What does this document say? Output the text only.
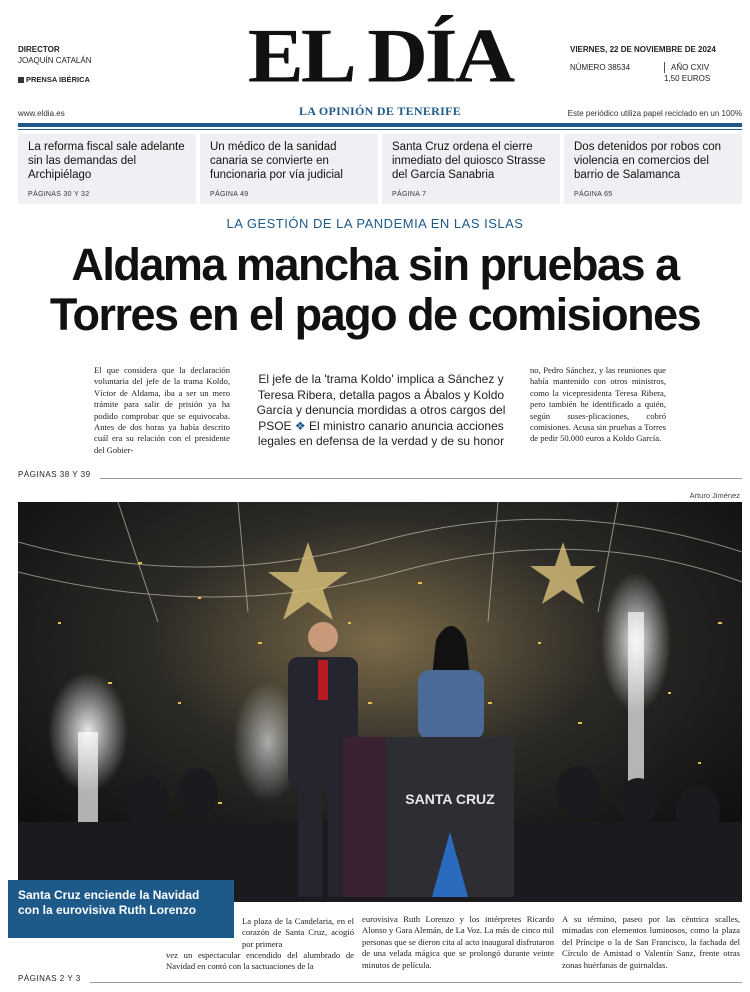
DIRECTOR
JOAQUÍN CATALÁN
PRENSA IBÉRICA EL DÍA
LA OPINIÓN DE TENERIFE
VIERNES, 22 DE NOVIEMBRE DE 2024
NÚMERO 38534	AÑO CXIV
1,50 EUROS
www.eldia.es	Este periódico utiliza papel reciclado en un 100%
La reforma fiscal sale adelante sin las demandas del Archipiélago
PÁGINAS 30 Y 32
Un médico de la sanidad canaria se convierte en funcionaria por vía judicial
PÁGINA 49
Santa Cruz ordena el cierre inmediato del quiosco Strasse del García Sanabria
PÁGINA 7
Dos detenidos por robos con violencia en comercios del barrio de Salamanca
PÁGINA 65
LA GESTIÓN DE LA PANDEMIA EN LAS ISLAS
Aldama mancha sin pruebas a
Torres en el pago de comisiones
El que considera que la declaración voluntaria del jefe de la trama Koldo, Víctor de Aldama, iba a ser un mero trámite para salir de prisión ya ha podido comprobar que se equivocaba. Antes de dos horas ya había descrito cuál era su relación con el presidente del Gobier-
El jefe de la 'trama Koldo' implica a Sánchez y Teresa Ribera, detalla pagos a Ábalos y Koldo García y denuncia mordidas a otros cargos del PSOE ❖ El ministro canario anuncia acciones legales en defensa de la verdad y de su honor
no, Pedro Sánchez, y las reuniones que había mantenido con otros ministros, como la vicepresidenta Teresa Ribera, pero también he identificado a quién, según suses-plicaciones, cobró comisiones. Acusa sin pruebas a Torres de pedir 50.000 euros a Koldo García.
PÁGINAS 38 Y 39
Arturo Jiménez
SANTA CRUZ
Santa Cruz enciende la Navidad con la eurovisiva Ruth Lorenzo
La plaza de la Candelaria, en el corazón de Santa Cruz, acogió por primera
vez un espectacular encendido del alumbrado de Navidad en contó con la sactuaciones de la
eurovisiva Ruth Lorenzo y los intérpretes Ricardo Alonso y Gara Alemán, de La Voz. La más de cinco mil personas que se dieron cita al acto inaugural disfrutaron de una velada mágica que se prolongó durante veinte minutos de película.
A su término, paseo por las céntrica scalles, mimadas con elementos luminosos, como la plaza del Príncipe o la de San Francisco, la fachada del Círculo de Amistad o Valentín Sanz, frente otras zonas huérfanas de guirnaldas.
PÁGINAS 2 Y 3
